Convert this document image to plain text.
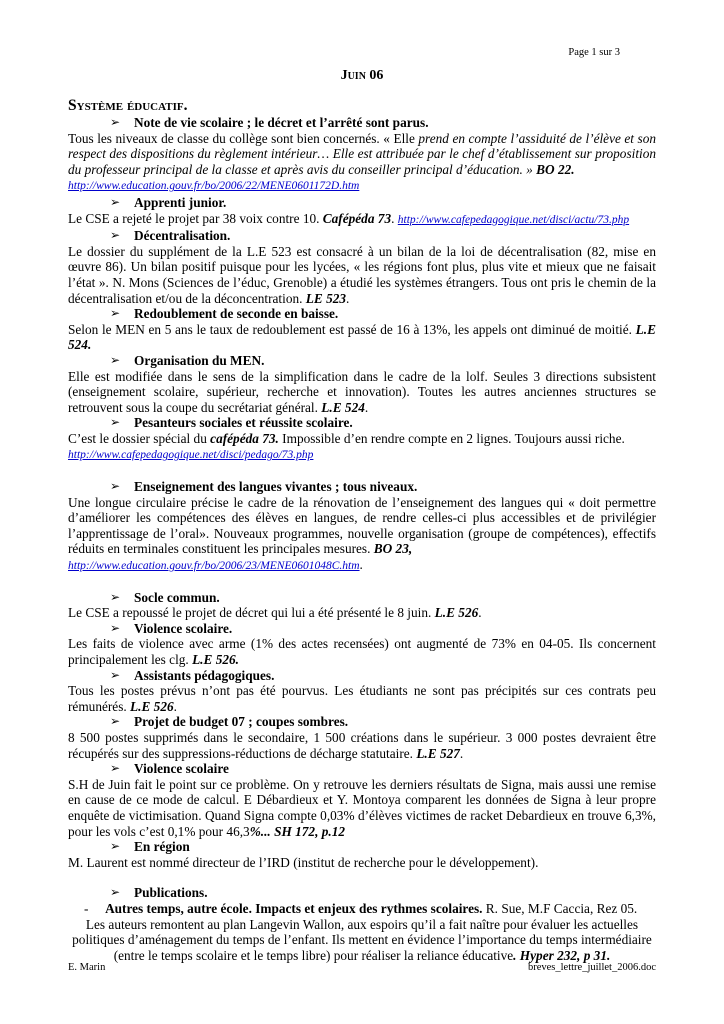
Page 1 sur 3
Juin 06
Système éducatif.
➢ Note de vie scolaire ; le décret et l’arrêté sont parus.

Tous les niveaux de classe du collège sont bien concernés. « Elle prend en compte l’assiduité de l’élève et son respect des dispositions du règlement intérieur… Elle est attribuée par le chef d’établissement sur proposition du professeur principal de la classe et après avis du conseiller principal d’éducation. » BO 22.
http://www.education.gouv.fr/bo/2006/22/MENE0601172D.htm

➢ Apprenti junior.

Le CSE a rejeté le projet par 38 voix contre 10. Cafépéda 73. http://www.cafepedagogique.net/disci/actu/73.php

➢ Décentralisation.

Le dossier du supplément de la L.E 523 est consacré à un bilan de la loi de décentralisation (82, mise en œuvre 86). Un bilan positif puisque pour les lycées, « les régions font plus, plus vite et mieux que ne faisait l’état ». N. Mons (Sciences de l’éduc, Grenoble) a étudié les systèmes étrangers. Tous ont pris le chemin de la décentralisation et/ou de la déconcentration. LE 523.

➢ Redoublement de seconde en baisse.

Selon le MEN en 5 ans le taux de redoublement est passé de 16 à 13%, les appels ont diminué de moitié. L.E 524.

➢ Organisation du MEN.

Elle est modifiée dans le sens de la simplification dans le cadre de la lolf. Seules 3 directions subsistent (enseignement scolaire, supérieur, recherche et innovation). Toutes les autres anciennes structures se retrouvent sous la coupe du secrétariat général. L.E 524.

➢ Pesanteurs sociales et réussite scolaire.

C’est le dossier spécial du cafépéda 73. Impossible d’en rendre compte en 2 lignes. Toujours aussi riche.
http://www.cafepedagogique.net/disci/pedago/73.php

➢ Enseignement des langues vivantes ; tous niveaux.

Une longue circulaire précise le cadre de la rénovation de l’enseignement des langues qui « doit permettre d’améliorer les compétences des élèves en langues, de rendre celles-ci plus accessibles et de privilégier l’apprentissage de l’oral». Nouveaux programmes, nouvelle organisation (groupe de compétences), effectifs réduits en terminales constituent les principales mesures. BO 23,
http://www.education.gouv.fr/bo/2006/23/MENE0601048C.htm.

➢ Socle commun.

Le CSE a repoussé le projet de décret qui lui a été présenté le 8 juin. L.E 526.

➢ Violence scolaire.

Les faits de violence avec arme (1% des actes recensées) ont augmenté de 73% en 04-05. Ils concernent principalement les clg. L.E 526.

➢ Assistants pédagogiques.

Tous les postes prévus n’ont pas été pourvus. Les étudiants ne sont pas précipités sur ces contrats peu rémunérés. L.E 526.

➢ Projet de budget 07 ; coupes sombres.

8 500 postes supprimés dans le secondaire, 1 500 créations dans le supérieur. 3 000 postes devraient être récupérés sur des suppressions-réductions de décharge statutaire. L.E 527.

➢ Violence scolaire

S.H de Juin fait le point sur ce problème. On y retrouve les derniers résultats de Signa, mais aussi une remise en cause de ce mode de calcul. E Débardieux et Y. Montoya comparent les données de Signa à leur propre enquête de victimisation. Quand Signa compte 0,03% d’élèves victimes de racket Debardieux en trouve 6,3%, pour les vols c’est 0,1% pour 46,3%... SH 172, p.12

➢ En région

M. Laurent est nommé directeur de l’IRD (institut de recherche pour le développement).

➢ Publications.

- Autres temps, autre école. Impacts et enjeux des rythmes scolaires. R. Sue, M.F Caccia, Rez 05.

Les auteurs remontent au plan Langevin Wallon, aux espoirs qu’il a fait naître pour évaluer les actuelles politiques d’aménagement du temps de l’enfant. Ils mettent en évidence l’importance du temps intermédiaire (entre le temps scolaire et le temps libre) pour réaliser la reliance éducative. Hyper 232, p 31.

E. Marin	breves_lettre_juillet_2006.doc
